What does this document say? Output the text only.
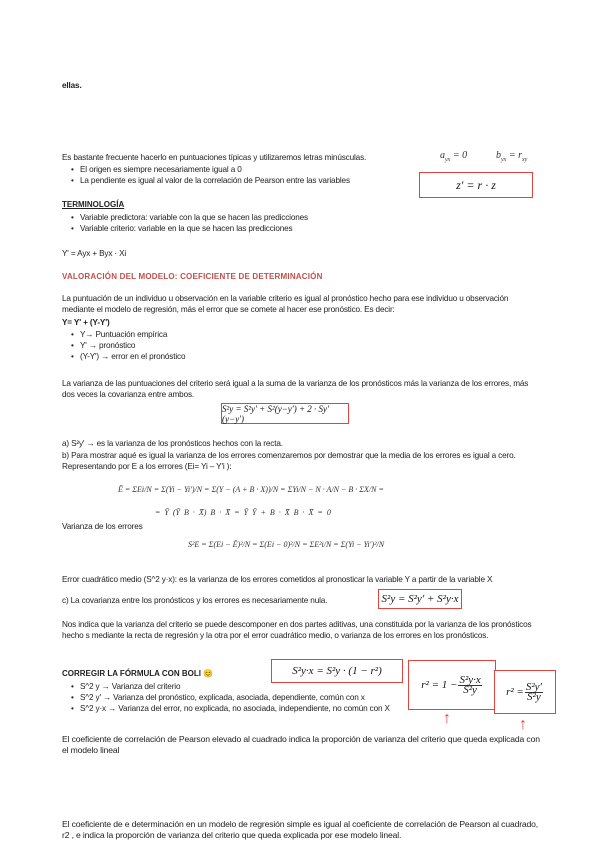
ellas.
Es bastante frecuente hacerlo en puntuaciones típicas y utilizaremos letras minúsculas.
• El origen es siempre necesariamente igual a 0
• La pendiente es igual al valor de la correlación de Pearson entre las variables
$a_{yx} = 0$	$b_{yx} = r_{xy}$
z′ = r · z
TERMINOLOGÍA
• Variable predictora: variable con la que se hacen las predicciones
• Variable criterio: variable en la que se hacen las predicciones
Y' = Ayx + Byx · Xi
VALORACIÓN DEL MODELO: COEFICIENTE DE DETERMINACIÓN
La puntuación de un individuo u observación en la variable criterio es igual al pronóstico hecho para ese individuo u observación mediante el modelo de regresión, más el error que se comete al hacer ese pronóstico. Es decir:
Y= Y' + (Y-Y')
• Y→ Puntuación empírica
• Y' → pronóstico
• (Y-Y') → error en el pronóstico
La varianza de las puntuaciones del criterio será igual a la suma de la varianza de los pronósticos más la varianza de los errores, más dos veces la covarianza entre ambos.
S²y = S²y′ + S²(y−y′) + 2 · Sy′(y−y′)
a) S²y′ → es la varianza de los pronósticos hechos con la recta.
b) Para mostrar aqué es igual la varianza de los errores comenzaremos por demostrar que la media de los errores es igual a cero. Representando por E a los errores (Ei= Yi – Y'i ):
Ē = ΣEi/N = Σ(Yi − Yi′)/N = Σ(Y − (A + B · X))/N = ΣYi/N − N · A/N − B · ΣX/N =
= Ȳ (Ȳ B · X̄) B · X̄ = Ȳ Ȳ + B · X̄ B · X̄ = 0
Varianza de los errores
S²E = Σ(Ei − Ē)²/N = Σ(Ei − 0)²/N = ΣE²i/N = Σ(Yi − Yi′)²/N
Error cuadrático medio (S^2 y·x): es la varianza de los errores cometidos al pronosticar la variable Y a partir de la variable X
c) La covarianza entre los pronósticos y los errores es necesariamente nula.	S²y = S²y′ + S²y·x
Nos indica que la varianza del criterio se puede descomponer en dos partes aditivas, una constituida por la varianza de los pronósticos hecho s mediante la recta de regresión y la otra por el error cuadrático medio, o varianza de los errores en los pronósticos.
CORREGIR LA FÓRMULA CON BOLI 😊
• S^2 y → Varianza del criterio
• S^2 y' → Varianza del pronóstico, explicada, asociada, dependiente, común con x
• S^2 y·x → Varianza del error, no explicada, no asociada, independiente, no común con X
S²y·x = S²y · (1 − r²)
$r^2 = 1 - \frac{\text{S²y·x}}{\text{S²y}} r^2 = \frac{\text{S²y′}}{\text{S²y}}$
↑	↑
El coeficiente de correlación de Pearson elevado al cuadrado indica la proporción de varianza del criterio que queda explicada con el modelo lineal
El coeficiente de e determinación en un modelo de regresión simple es igual al coeficiente de correlación de Pearson al cuadrado, r2 , e indica la proporción de varianza del criterio que queda explicada por ese modelo lineal.
